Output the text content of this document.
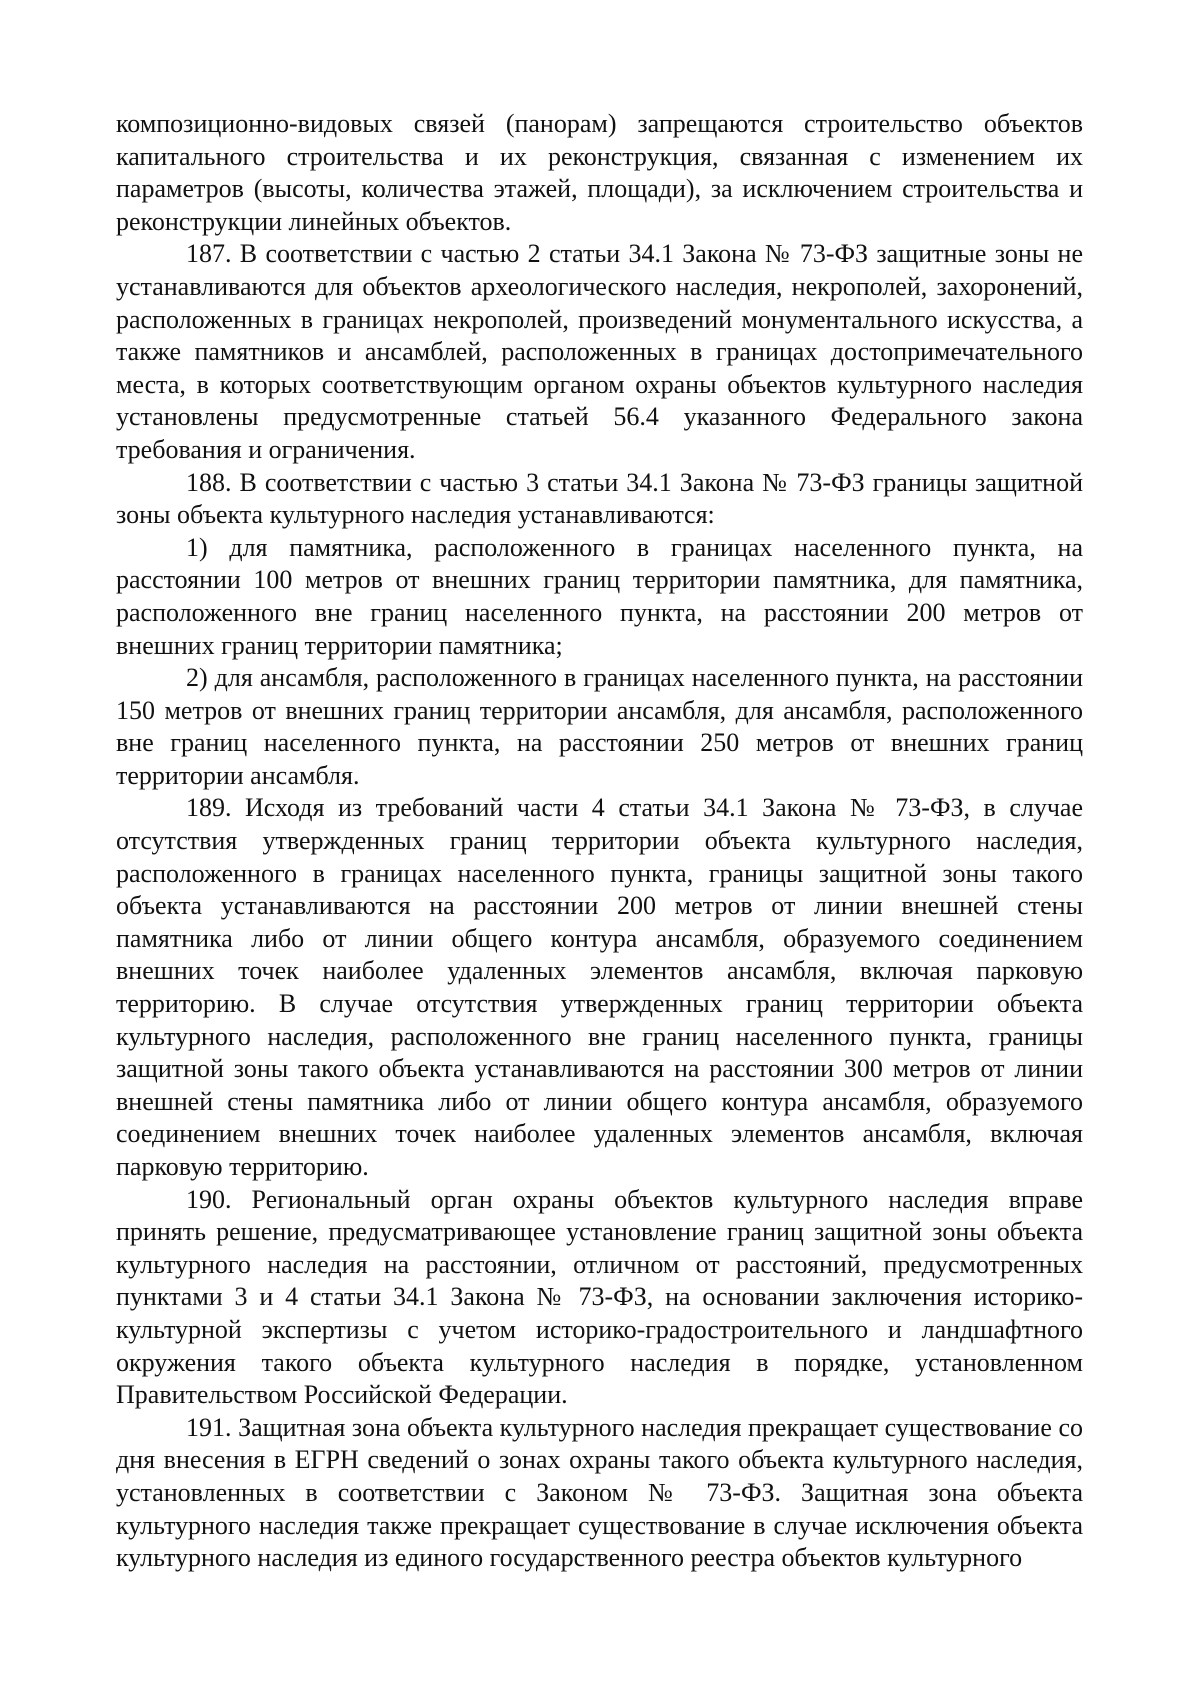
композиционно-видовых связей (панорам) запрещаются строительство объектов капитального строительства и их реконструкция, связанная с изменением их параметров (высоты, количества этажей, площади), за исключением строительства и реконструкции линейных объектов.

187. В соответствии с частью 2 статьи 34.1 Закона № 73-ФЗ защитные зоны не устанавливаются для объектов археологического наследия, некрополей, захоронений, расположенных в границах некрополей, произведений монументального искусства, а также памятников и ансамблей, расположенных в границах достопримечательного места, в которых соответствующим органом охраны объектов культурного наследия установлены предусмотренные статьей 56.4 указанного Федерального закона требования и ограничения.

188. В соответствии с частью 3 статьи 34.1 Закона № 73-ФЗ границы защитной зоны объекта культурного наследия устанавливаются:

1) для памятника, расположенного в границах населенного пункта, на расстоянии 100 метров от внешних границ территории памятника, для памятника, расположенного вне границ населенного пункта, на расстоянии 200 метров от внешних границ территории памятника;

2) для ансамбля, расположенного в границах населенного пункта, на расстоянии 150 метров от внешних границ территории ансамбля, для ансамбля, расположенного вне границ населенного пункта, на расстоянии 250 метров от внешних границ территории ансамбля.

189. Исходя из требований части 4 статьи 34.1 Закона № 73-ФЗ, в случае отсутствия утвержденных границ территории объекта культурного наследия, расположенного в границах населенного пункта, границы защитной зоны такого объекта устанавливаются на расстоянии 200 метров от линии внешней стены памятника либо от линии общего контура ансамбля, образуемого соединением внешних точек наиболее удаленных элементов ансамбля, включая парковую территорию. В случае отсутствия утвержденных границ территории объекта культурного наследия, расположенного вне границ населенного пункта, границы защитной зоны такого объекта устанавливаются на расстоянии 300 метров от линии внешней стены памятника либо от линии общего контура ансамбля, образуемого соединением внешних точек наиболее удаленных элементов ансамбля, включая парковую территорию.

190. Региональный орган охраны объектов культурного наследия вправе принять решение, предусматривающее установление границ защитной зоны объекта культурного наследия на расстоянии, отличном от расстояний, предусмотренных пунктами 3 и 4 статьи 34.1 Закона № 73-ФЗ, на основании заключения историко-культурной экспертизы с учетом историко-градостроительного и ландшафтного окружения такого объекта культурного наследия в порядке, установленном Правительством Российской Федерации.

191. Защитная зона объекта культурного наследия прекращает существование со дня внесения в ЕГРН сведений о зонах охраны такого объекта культурного наследия, установленных в соответствии с Законом № 73-ФЗ. Защитная зона объекта культурного наследия также прекращает существование в случае исключения объекта культурного наследия из единого государственного реестра объектов культурного
